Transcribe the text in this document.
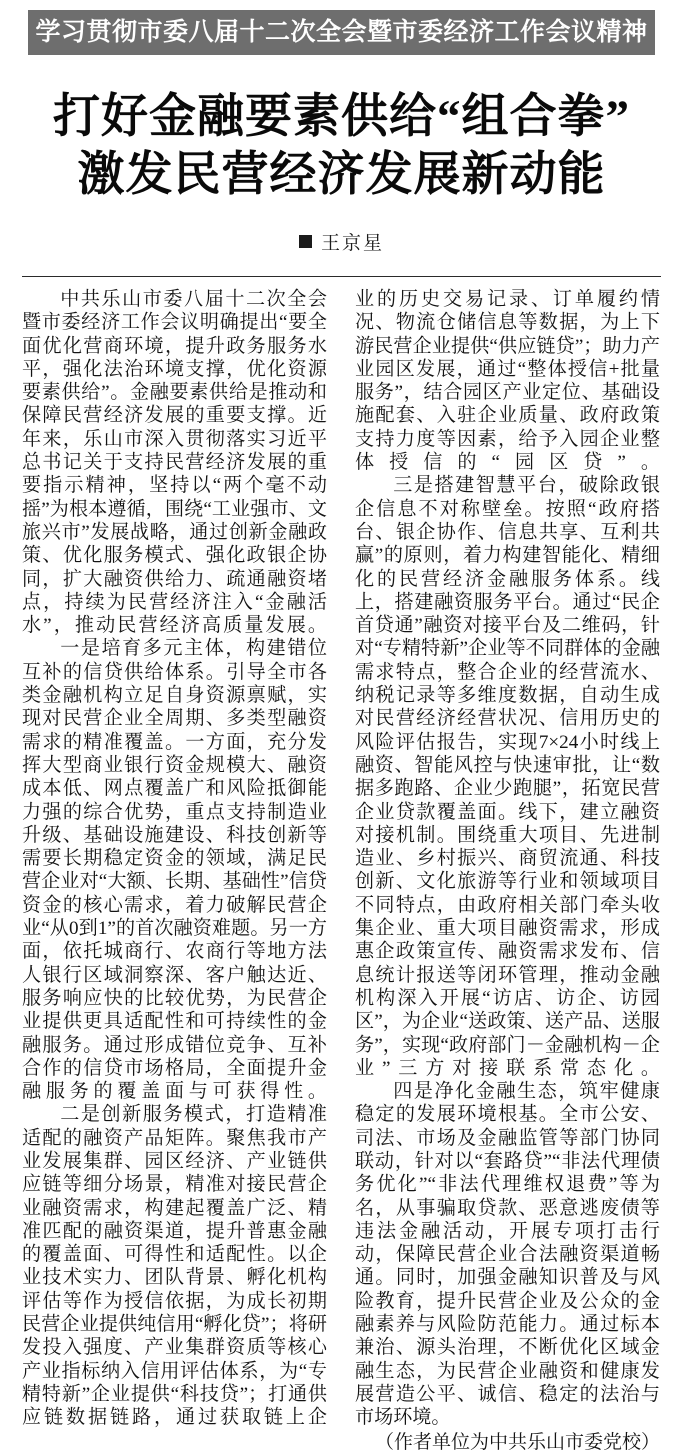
学习贯彻市委八届十二次全会暨市委经济工作会议精神
打好金融要素供给“组合拳”
激发民营经济发展新动能
王京星

中共乐山市委八届十二次全会暨市委经济工作会议明确提出“要全面优化营商环境，提升政务服务水平，强化法治环境支撑，优化资源要素供给”。金融要素供给是推动和保障民营经济发展的重要支撑。近年来，乐山市深入贯彻落实习近平总书记关于支持民营经济发展的重要指示精神，坚持以“两个毫不动摇”为根本遵循，围绕“工业强市、文旅兴市”发展战略，通过创新金融政策、优化服务模式、强化政银企协同，扩大融资供给力、疏通融资堵点，持续为民营经济注入“金融活水”，推动民营经济高质量发展。

一是培育多元主体，构建错位互补的信贷供给体系。引导全市各类金融机构立足自身资源禀赋，实现对民营企业全周期、多类型融资需求的精准覆盖。一方面，充分发挥大型商业银行资金规模大、融资成本低、网点覆盖广和风险抵御能力强的综合优势，重点支持制造业升级、基础设施建设、科技创新等需要长期稳定资金的领域，满足民营企业对“大额、长期、基础性”信贷资金的核心需求，着力破解民营企业“从0到1”的首次融资难题。另一方面，依托城商行、农商行等地方法人银行区域洞察深、客户触达近、服务响应快的比较优势，为民营企业提供更具适配性和可持续性的金融服务。通过形成错位竞争、互补合作的信贷市场格局，全面提升金融服务的覆盖面与可获得性。

二是创新服务模式，打造精准适配的融资产品矩阵。聚焦我市产业发展集群、园区经济、产业链供应链等细分场景，精准对接民营企业融资需求，构建起覆盖广泛、精准匹配的融资渠道，提升普惠金融的覆盖面、可得性和适配性。以企业技术实力、团队背景、孵化机构评估等作为授信依据，为成长初期民营企业提供纯信用“孵化贷”；将研发投入强度、产业集群资质等核心产业指标纳入信用评估体系，为“专精特新”企业提供“科技贷”；打通供应链数据链路，通过获取链上企

业的历史交易记录、订单履约情况、物流仓储信息等数据，为上下游民营企业提供“供应链贷”；助力产业园区发展，通过“整体授信+批量服务”，结合园区产业定位、基础设施配套、入驻企业质量、政府政策支持力度等因素，给予入园企业整体授信的“园区贷”。

三是搭建智慧平台，破除政银企信息不对称壁垒。按照“政府搭台、银企协作、信息共享、互利共赢”的原则，着力构建智能化、精细化的民营经济金融服务体系。线上，搭建融资服务平台。通过“民企首贷通”融资对接平台及二维码，针对“专精特新”企业等不同群体的金融需求特点，整合企业的经营流水、纳税记录等多维度数据，自动生成对民营经济经营状况、信用历史的风险评估报告，实现7×24小时线上融资、智能风控与快速审批，让“数据多跑路、企业少跑腿”，拓宽民营企业贷款覆盖面。线下，建立融资对接机制。围绕重大项目、先进制造业、乡村振兴、商贸流通、科技创新、文化旅游等行业和领域项目不同特点，由政府相关部门牵头收集企业、重大项目融资需求，形成惠企政策宣传、融资需求发布、信息统计报送等闭环管理，推动金融机构深入开展“访店、访企、访园区”，为企业“送政策、送产品、送服务”，实现“政府部门－金融机构－企业”三方对接联系常态化。

四是净化金融生态，筑牢健康稳定的发展环境根基。全市公安、司法、市场及金融监管等部门协同联动，针对以“套路贷”“非法代理债务优化”“非法代理维权退费”等为名，从事骗取贷款、恶意逃废债等违法金融活动，开展专项打击行动，保障民营企业合法融资渠道畅通。同时，加强金融知识普及与风险教育，提升民营企业及公众的金融素养与风险防范能力。通过标本兼治、源头治理，不断优化区域金融生态，为民营企业融资和健康发展营造公平、诚信、稳定的法治与市场环境。

（作者单位为中共乐山市委党校）
